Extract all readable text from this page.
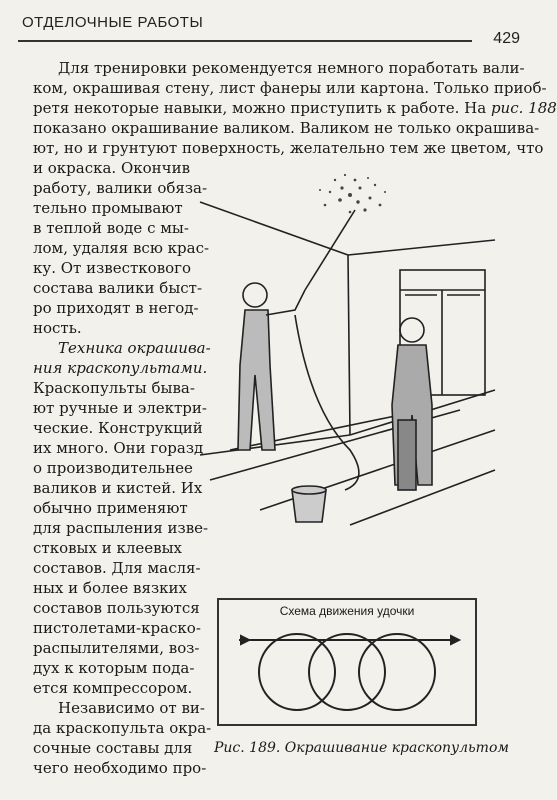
ОТДЕЛОЧНЫЕ РАБОТЫ
429

Для тренировки рекомендуется немного поработать вали-

ком, окрашивая стену, лист фанеры или картона. Только приоб-

ретя некоторые навыки, можно приступить к работе. На рис. 188

показано окрашивание валиком. Валиком не только окрашива-

ют, но и грунтуют поверхность, желательно тем же цветом, что

и окраска. Окончив

работу, валики обяза-

тельно промывают

в теплой воде с мы-

лом, удаляя всю крас-

ку. От известкового

состава валики быст-

ро приходят в негод-

ность.

Техника окрашива-

ния краскопультами.

Краскопульты быва-

ют ручные и электри-

ческие. Конструкций

их много. Они горазд

о производительнее

валиков и кистей. Их

обычно применяют

для распыления изве-

стковых и клеевых

составов. Для масля-

ных и более вязких

составов пользуются

пистолетами-краско-

распылителями, воз-

дух к которым пода-

ется компрессором.

Независимо от ви-

да краскопульта окра-

сочные составы для

чего необходимо про-

Схема движения удочки
Рис. 189. Окрашивание краскопультом
